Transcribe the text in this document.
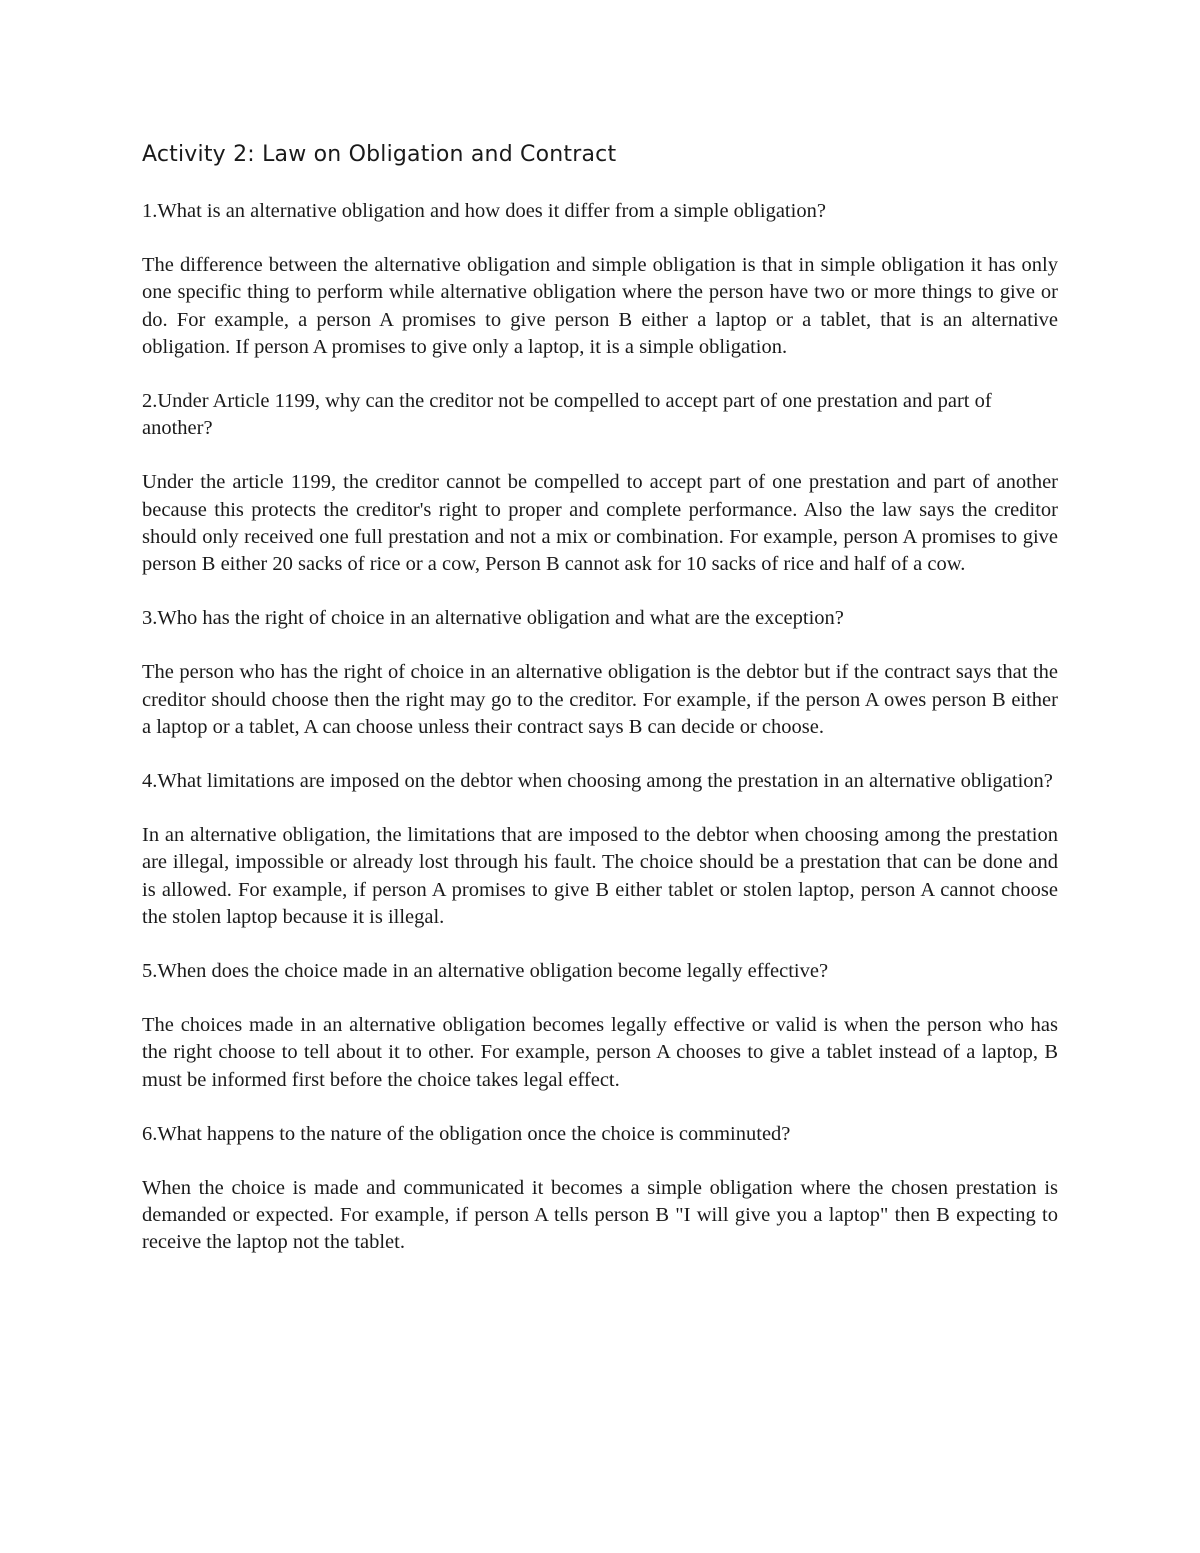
Activity 2: Law on Obligation and Contract

1.What is an alternative obligation and how does it differ from a simple obligation?

The difference between the alternative obligation and simple obligation is that in simple obligation it has only one specific thing to perform while alternative obligation where the person have two or more things to give or do. For example, a person A promises to give person B either a laptop or a tablet, that is an alternative obligation. If person A promises to give only a laptop, it is a simple obligation.

2.Under Article 1199, why can the creditor not be compelled to accept part of one prestation and part of another?

Under the article 1199, the creditor cannot be compelled to accept part of one prestation and part of another because this protects the creditor's right to proper and complete performance. Also the law says the creditor should only received one full prestation and not a mix or combination. For example, person A promises to give person B either 20 sacks of rice or a cow, Person B cannot ask for 10 sacks of rice and half of a cow.

3.Who has the right of choice in an alternative obligation and what are the exception?

The person who has the right of choice in an alternative obligation is the debtor but if the contract says that the creditor should choose then the right may go to the creditor. For example, if the person A owes person B either a laptop or a tablet, A can choose unless their contract says B can decide or choose.

4.What limitations are imposed on the debtor when choosing among the prestation in an alternative obligation?

In an alternative obligation, the limitations that are imposed to the debtor when choosing among the prestation are illegal, impossible or already lost through his fault. The choice should be a prestation that can be done and is allowed. For example, if person A promises to give B either tablet or stolen laptop, person A cannot choose the stolen laptop because it is illegal.

5.When does the choice made in an alternative obligation become legally effective?

The choices made in an alternative obligation becomes legally effective or valid is when the person who has the right choose to tell about it to other. For example, person A chooses to give a tablet instead of a laptop, B must be informed first before the choice takes legal effect.

6.What happens to the nature of the obligation once the choice is comminuted?

When the choice is made and communicated it becomes a simple obligation where the chosen prestation is demanded or expected. For example, if person A tells person B "I will give you a laptop" then B expecting to receive the laptop not the tablet.
